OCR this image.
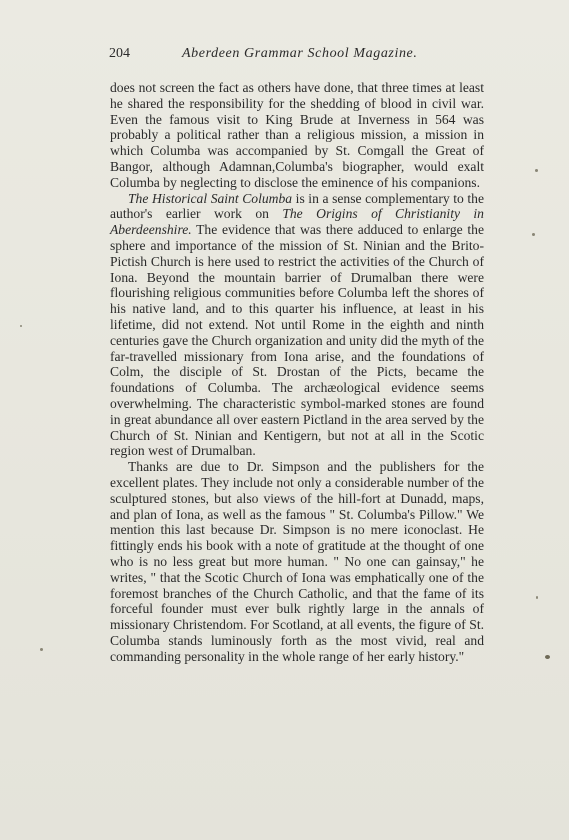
204	Aberdeen Grammar School Magazine.

does not screen the fact as others have done, that three times at least he shared the responsibility for the shedding of blood in civil war. Even the famous visit to King Brude at Inverness in 564 was probably a political rather than a religious mission, a mission in which Columba was accompanied by St. Comgall the Great of Bangor, although Adamnan,Columba's biographer, would exalt Columba by neglecting to disclose the eminence of his companions.

The Historical Saint Columba is in a sense complementary to the author's earlier work on The Origins of Christianity in Aberdeenshire. The evidence that was there adduced to enlarge the sphere and importance of the mission of St. Ninian and the Brito-Pictish Church is here used to restrict the activities of the Church of Iona. Beyond the mountain barrier of Drumalban there were flourishing religious communities before Columba left the shores of his native land, and to this quarter his influence, at least in his lifetime, did not extend. Not until Rome in the eighth and ninth centuries gave the Church organization and unity did the myth of the far-travelled missionary from Iona arise, and the foundations of Colm, the disciple of St. Drostan of the Picts, became the foundations of Columba. The archæological evidence seems overwhelming. The characteristic symbol-marked stones are found in great abundance all over eastern Pictland in the area served by the Church of St. Ninian and Kentigern, but not at all in the Scotic region west of Drumalban.

Thanks are due to Dr. Simpson and the publishers for the excellent plates. They include not only a considerable number of the sculptured stones, but also views of the hill-fort at Dunadd, maps, and plan of Iona, as well as the famous " St. Columba's Pillow." We mention this last because Dr. Simpson is no mere iconoclast. He fittingly ends his book with a note of gratitude at the thought of one who is no less great but more human. " No one can gainsay," he writes, " that the Scotic Church of Iona was emphatically one of the foremost branches of the Church Catholic, and that the fame of its forceful founder must ever bulk rightly large in the annals of missionary Christendom. For Scotland, at all events, the figure of St. Columba stands luminously forth as the most vivid, real and commanding personality in the whole range of her early history."
